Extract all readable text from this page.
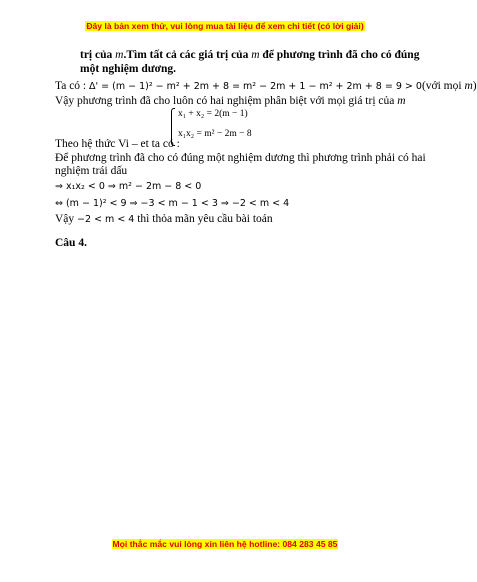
Đây là bản xem thử, vui lòng mua tài liệu để xem chi tiết (có lời giải)
trị của m.Tìm tất cả các giá trị của m để phương trình đã cho có đúng
một nghiệm dương.
Ta có : Δ' = (m − 1)² − m² + 2m + 8 = m² − 2m + 1 − m² + 2m + 8 = 9 > 0(với mọi m)
Vậy phương trình đã cho luôn có hai nghiệm phân biệt với mọi giá trị của m
x₁ + x₂ = 2(m − 1)
x₁x₂ = m² − 2m − 8
Theo hệ thức Vi – et ta có :
Để phương trình đã cho có đúng một nghiệm dương thì phương trình phải có hai
nghiệm trái dấu
⇒ x₁x₂ < 0 ⇒ m² − 2m − 8 < 0
⇔ (m − 1)² < 9 ⇒ −3 < m − 1 < 3 ⇒ −2 < m < 4
Vậy −2 < m < 4 thì thỏa mãn yêu cầu bài toán
Câu 4.
Mọi thắc mắc vui lòng xin liên hệ hotline: 084 283 45 85
